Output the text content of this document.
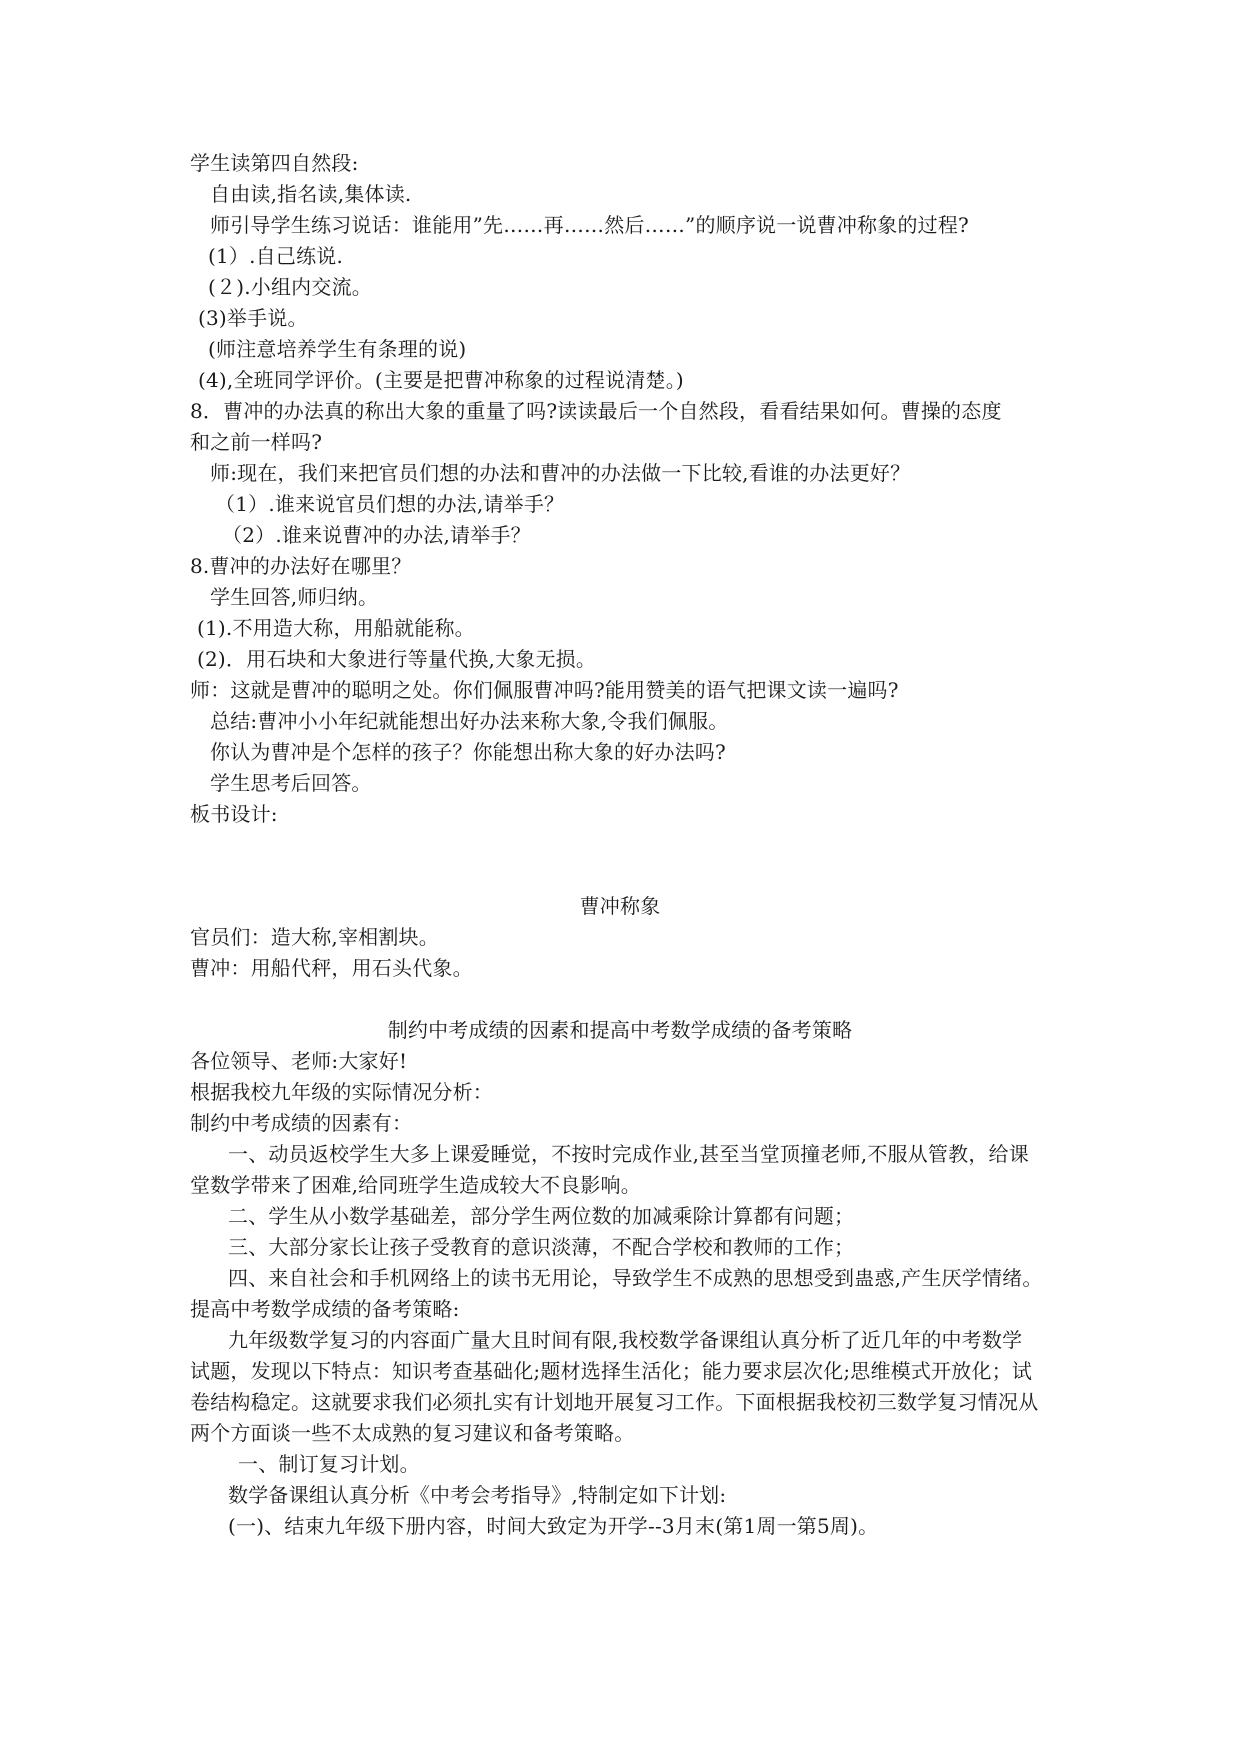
学生读第四自然段:
自由读,指名读,集体读.
师引导学生练习说话：谁能用”先……再……然后……”的顺序说一说曹冲称象的过程?
(1）.自己练说.
(２).小组内交流。
(3)举手说。
(师注意培养学生有条理的说)
(4),全班同学评价。(主要是把曹冲称象的过程说清楚。)
8．曹冲的办法真的称出大象的重量了吗?读读最后一个自然段，看看结果如何。曹操的态度
和之前一样吗?
师:现在，我们来把官员们想的办法和曹冲的办法做一下比较,看谁的办法更好？
（1）.谁来说官员们想的办法,请举手？
（2）.谁来说曹冲的办法,请举手？
8.曹冲的办法好在哪里？
学生回答,师归纳。
(1).不用造大称，用船就能称。
(2)．用石块和大象进行等量代换,大象无损。
师：这就是曹冲的聪明之处。你们佩服曹冲吗?能用赞美的语气把课文读一遍吗?
总结:曹冲小小年纪就能想出好办法来称大象,令我们佩服。
你认为曹冲是个怎样的孩子？你能想出称大象的好办法吗?
学生思考后回答。
板书设计:
曹冲称象
官员们：造大称,宰相割块。
曹冲：用船代秤，用石头代象。
制约中考成绩的因素和提高中考数学成绩的备考策略
各位领导、老师:大家好!
根据我校九年级的实际情况分析：
制约中考成绩的因素有：
一、动员返校学生大多上课爱睡觉，不按时完成作业,甚至当堂顶撞老师,不服从管教，给课
堂数学带来了困难,给同班学生造成较大不良影响。
二、学生从小数学基础差，部分学生两位数的加减乘除计算都有问题；
三、大部分家长让孩子受教育的意识淡薄，不配合学校和教师的工作；
四、来自社会和手机网络上的读书无用论，导致学生不成熟的思想受到蛊惑,产生厌学情绪。
提高中考数学成绩的备考策略:
九年级数学复习的内容面广量大且时间有限,我校数学备课组认真分析了近几年的中考数学
试题，发现以下特点：知识考查基础化;题材选择生活化；能力要求层次化;思维模式开放化；试
卷结构稳定。这就要求我们必须扎实有计划地开展复习工作。下面根据我校初三数学复习情况从
两个方面谈一些不太成熟的复习建议和备考策略。
一、制订复习计划。
数学备课组认真分析《中考会考指导》,特制定如下计划:
(一)、结束九年级下册内容，时间大致定为开学--3月末(第1周一第5周)。
